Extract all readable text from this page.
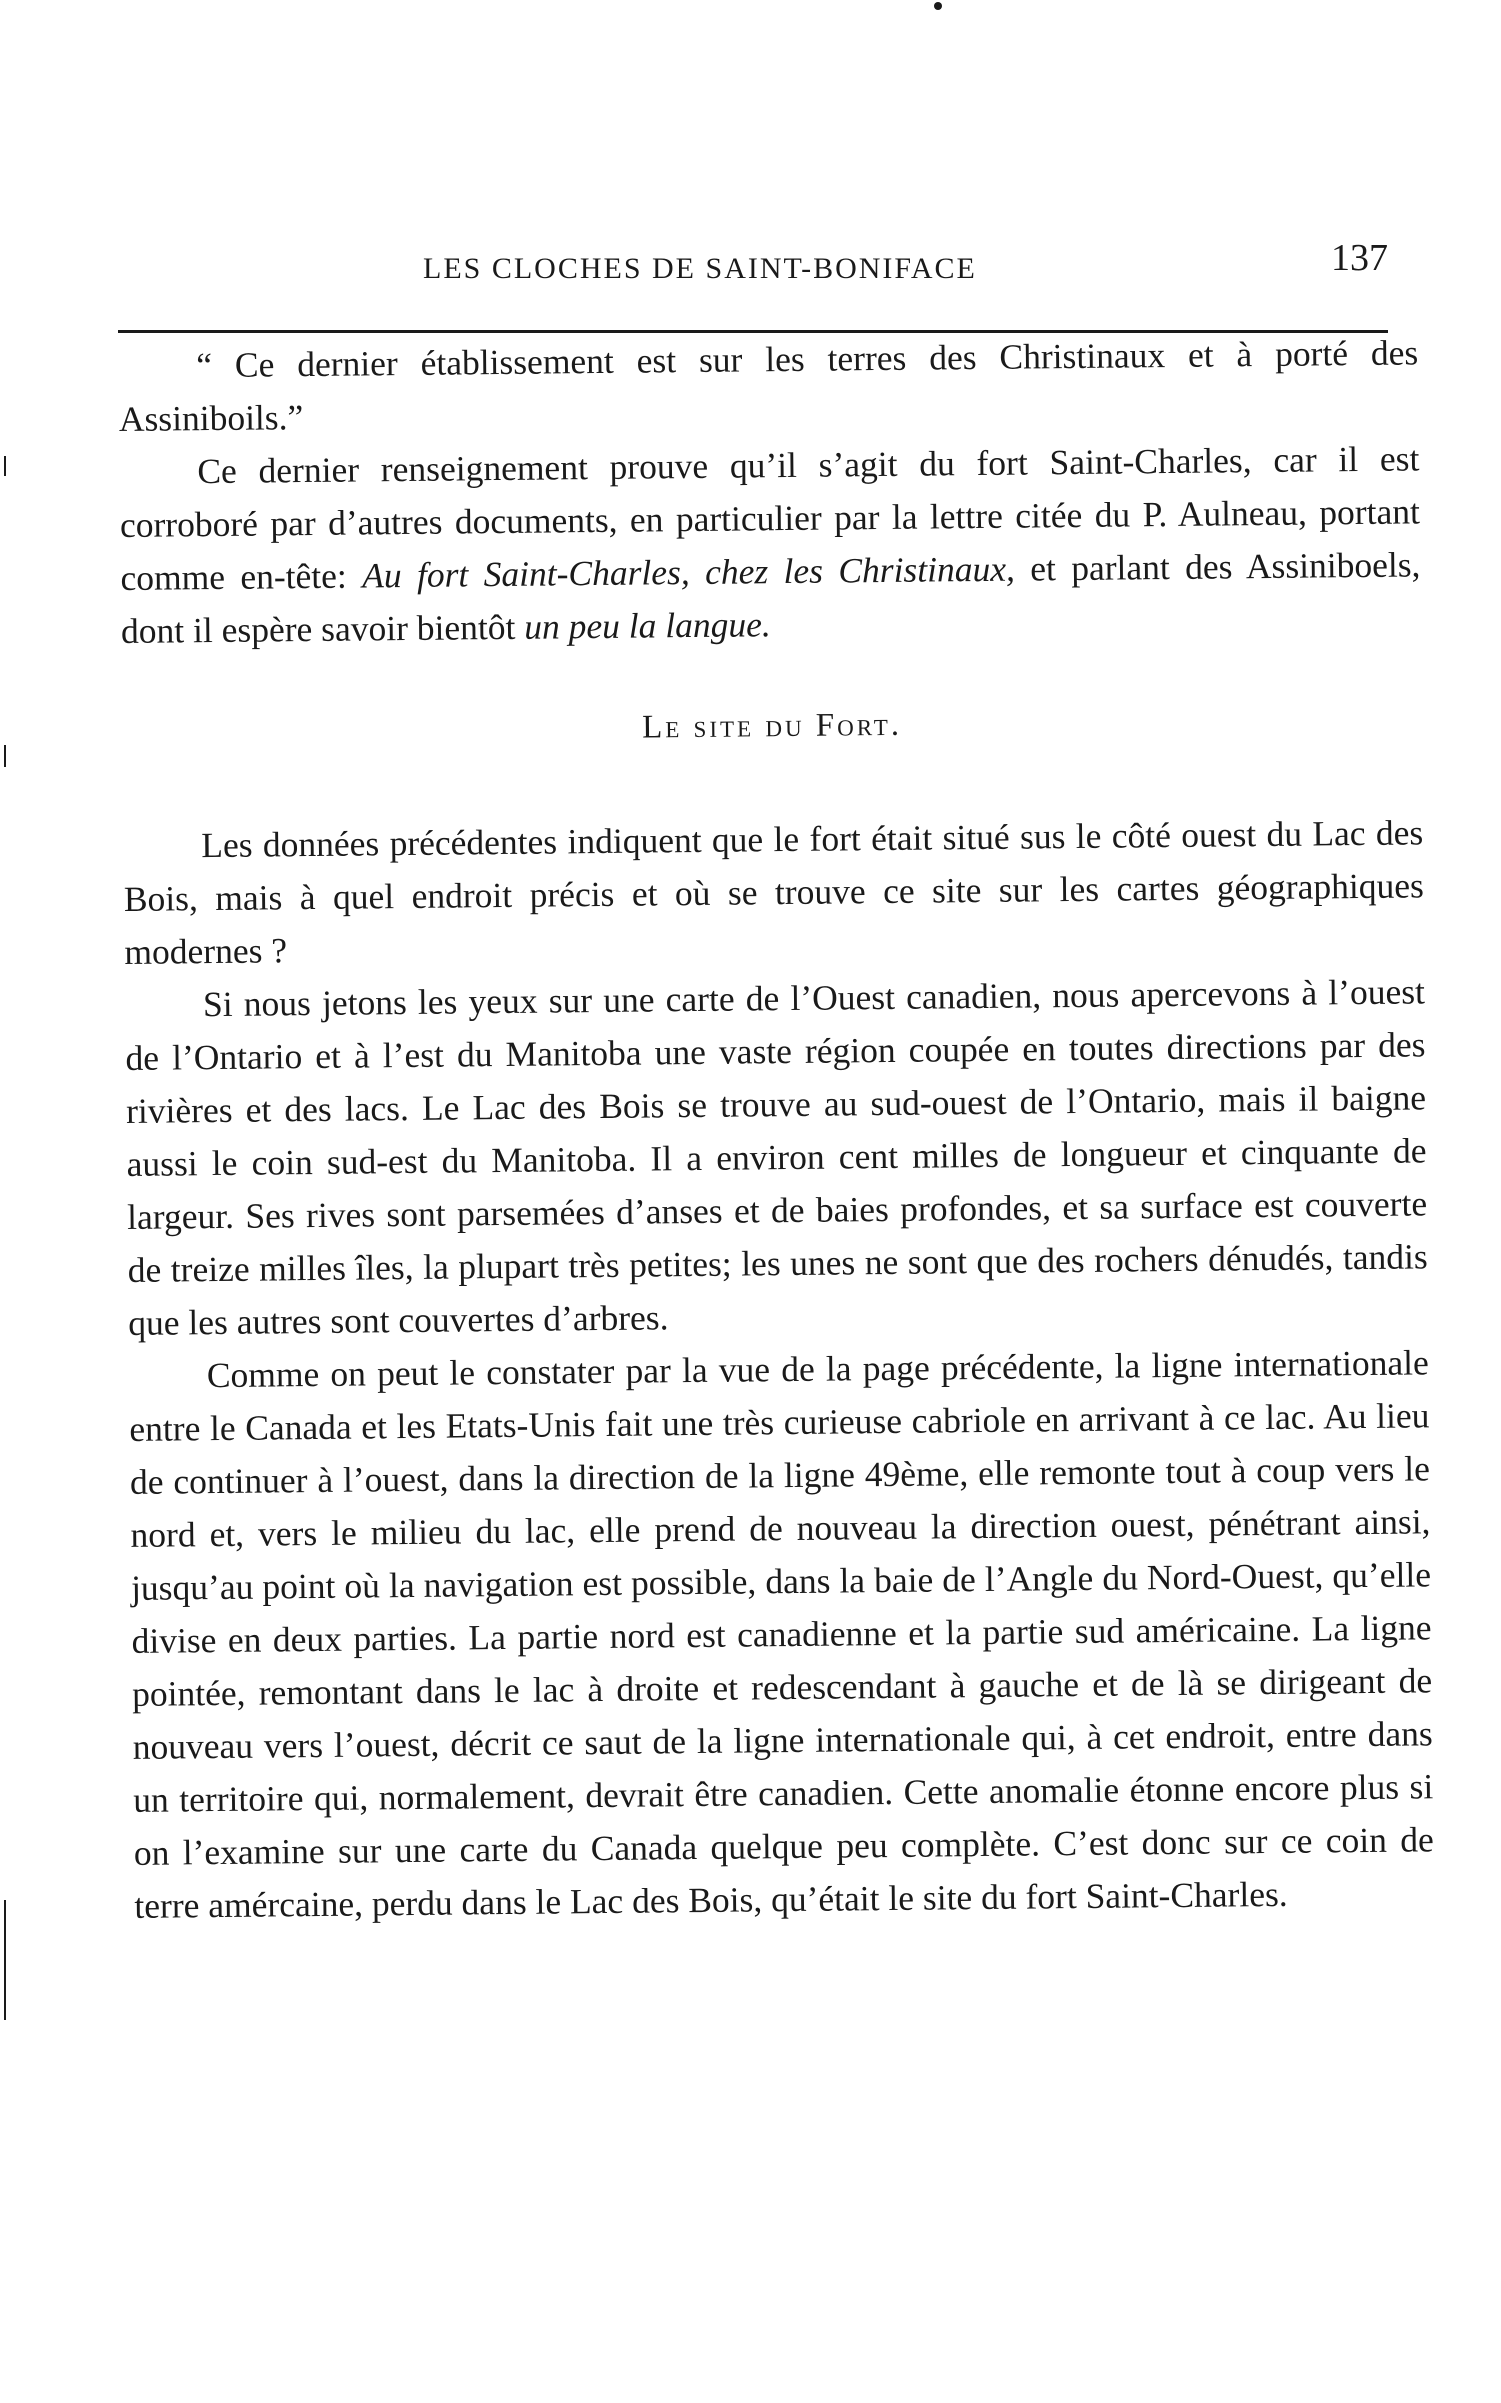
LES CLOCHES DE SAINT-BONIFACE	137

“ Ce dernier établissement est sur les terres des Christinaux et à porté des Assiniboils.”

Ce dernier renseignement prouve qu’il s’agit du fort Saint-Charles, car il est corroboré par d’autres documents, en particulier par la lettre citée du P. Aulneau, portant comme en-tête: Au fort Saint-Charles, chez les Christinaux, et parlant des Assiniboels, dont il espère savoir bientôt un peu la langue.

Le site du Fort.

Les données précédentes indiquent que le fort était situé sus le côté ouest du Lac des Bois, mais à quel endroit précis et où se trouve ce site sur les cartes géographiques modernes ?

Si nous jetons les yeux sur une carte de l’Ouest canadien, nous apercevons à l’ouest de l’Ontario et à l’est du Manitoba une vaste région coupée en toutes directions par des rivières et des lacs. Le Lac des Bois se trouve au sud-ouest de l’Ontario, mais il baigne aussi le coin sud-est du Manitoba. Il a environ cent milles de longueur et cinquante de largeur. Ses rives sont parsemées d’anses et de baies profondes, et sa surface est couverte de treize milles îles, la plupart très petites; les unes ne sont que des rochers dénudés, tandis que les autres sont couvertes d’arbres.

Comme on peut le constater par la vue de la page précédente, la ligne internationale entre le Canada et les Etats-Unis fait une très curieuse cabriole en arrivant à ce lac. Au lieu de continuer à l’ouest, dans la direction de la ligne 49ème, elle remonte tout à coup vers le nord et, vers le milieu du lac, elle prend de nouveau la direction ouest, pénétrant ainsi, jusqu’au point où la navigation est possible, dans la baie de l’Angle du Nord-Ouest, qu’elle divise en deux parties. La partie nord est canadienne et la partie sud américaine. La ligne pointée, remontant dans le lac à droite et redescendant à gauche et de là se dirigeant de nouveau vers l’ouest, décrit ce saut de la ligne internationale qui, à cet endroit, entre dans un territoire qui, normalement, devrait être canadien. Cette anomalie étonne encore plus si on l’examine sur une carte du Canada quelque peu complète. C’est donc sur ce coin de terre amércaine, perdu dans le Lac des Bois, qu’était le site du fort Saint-Charles.
